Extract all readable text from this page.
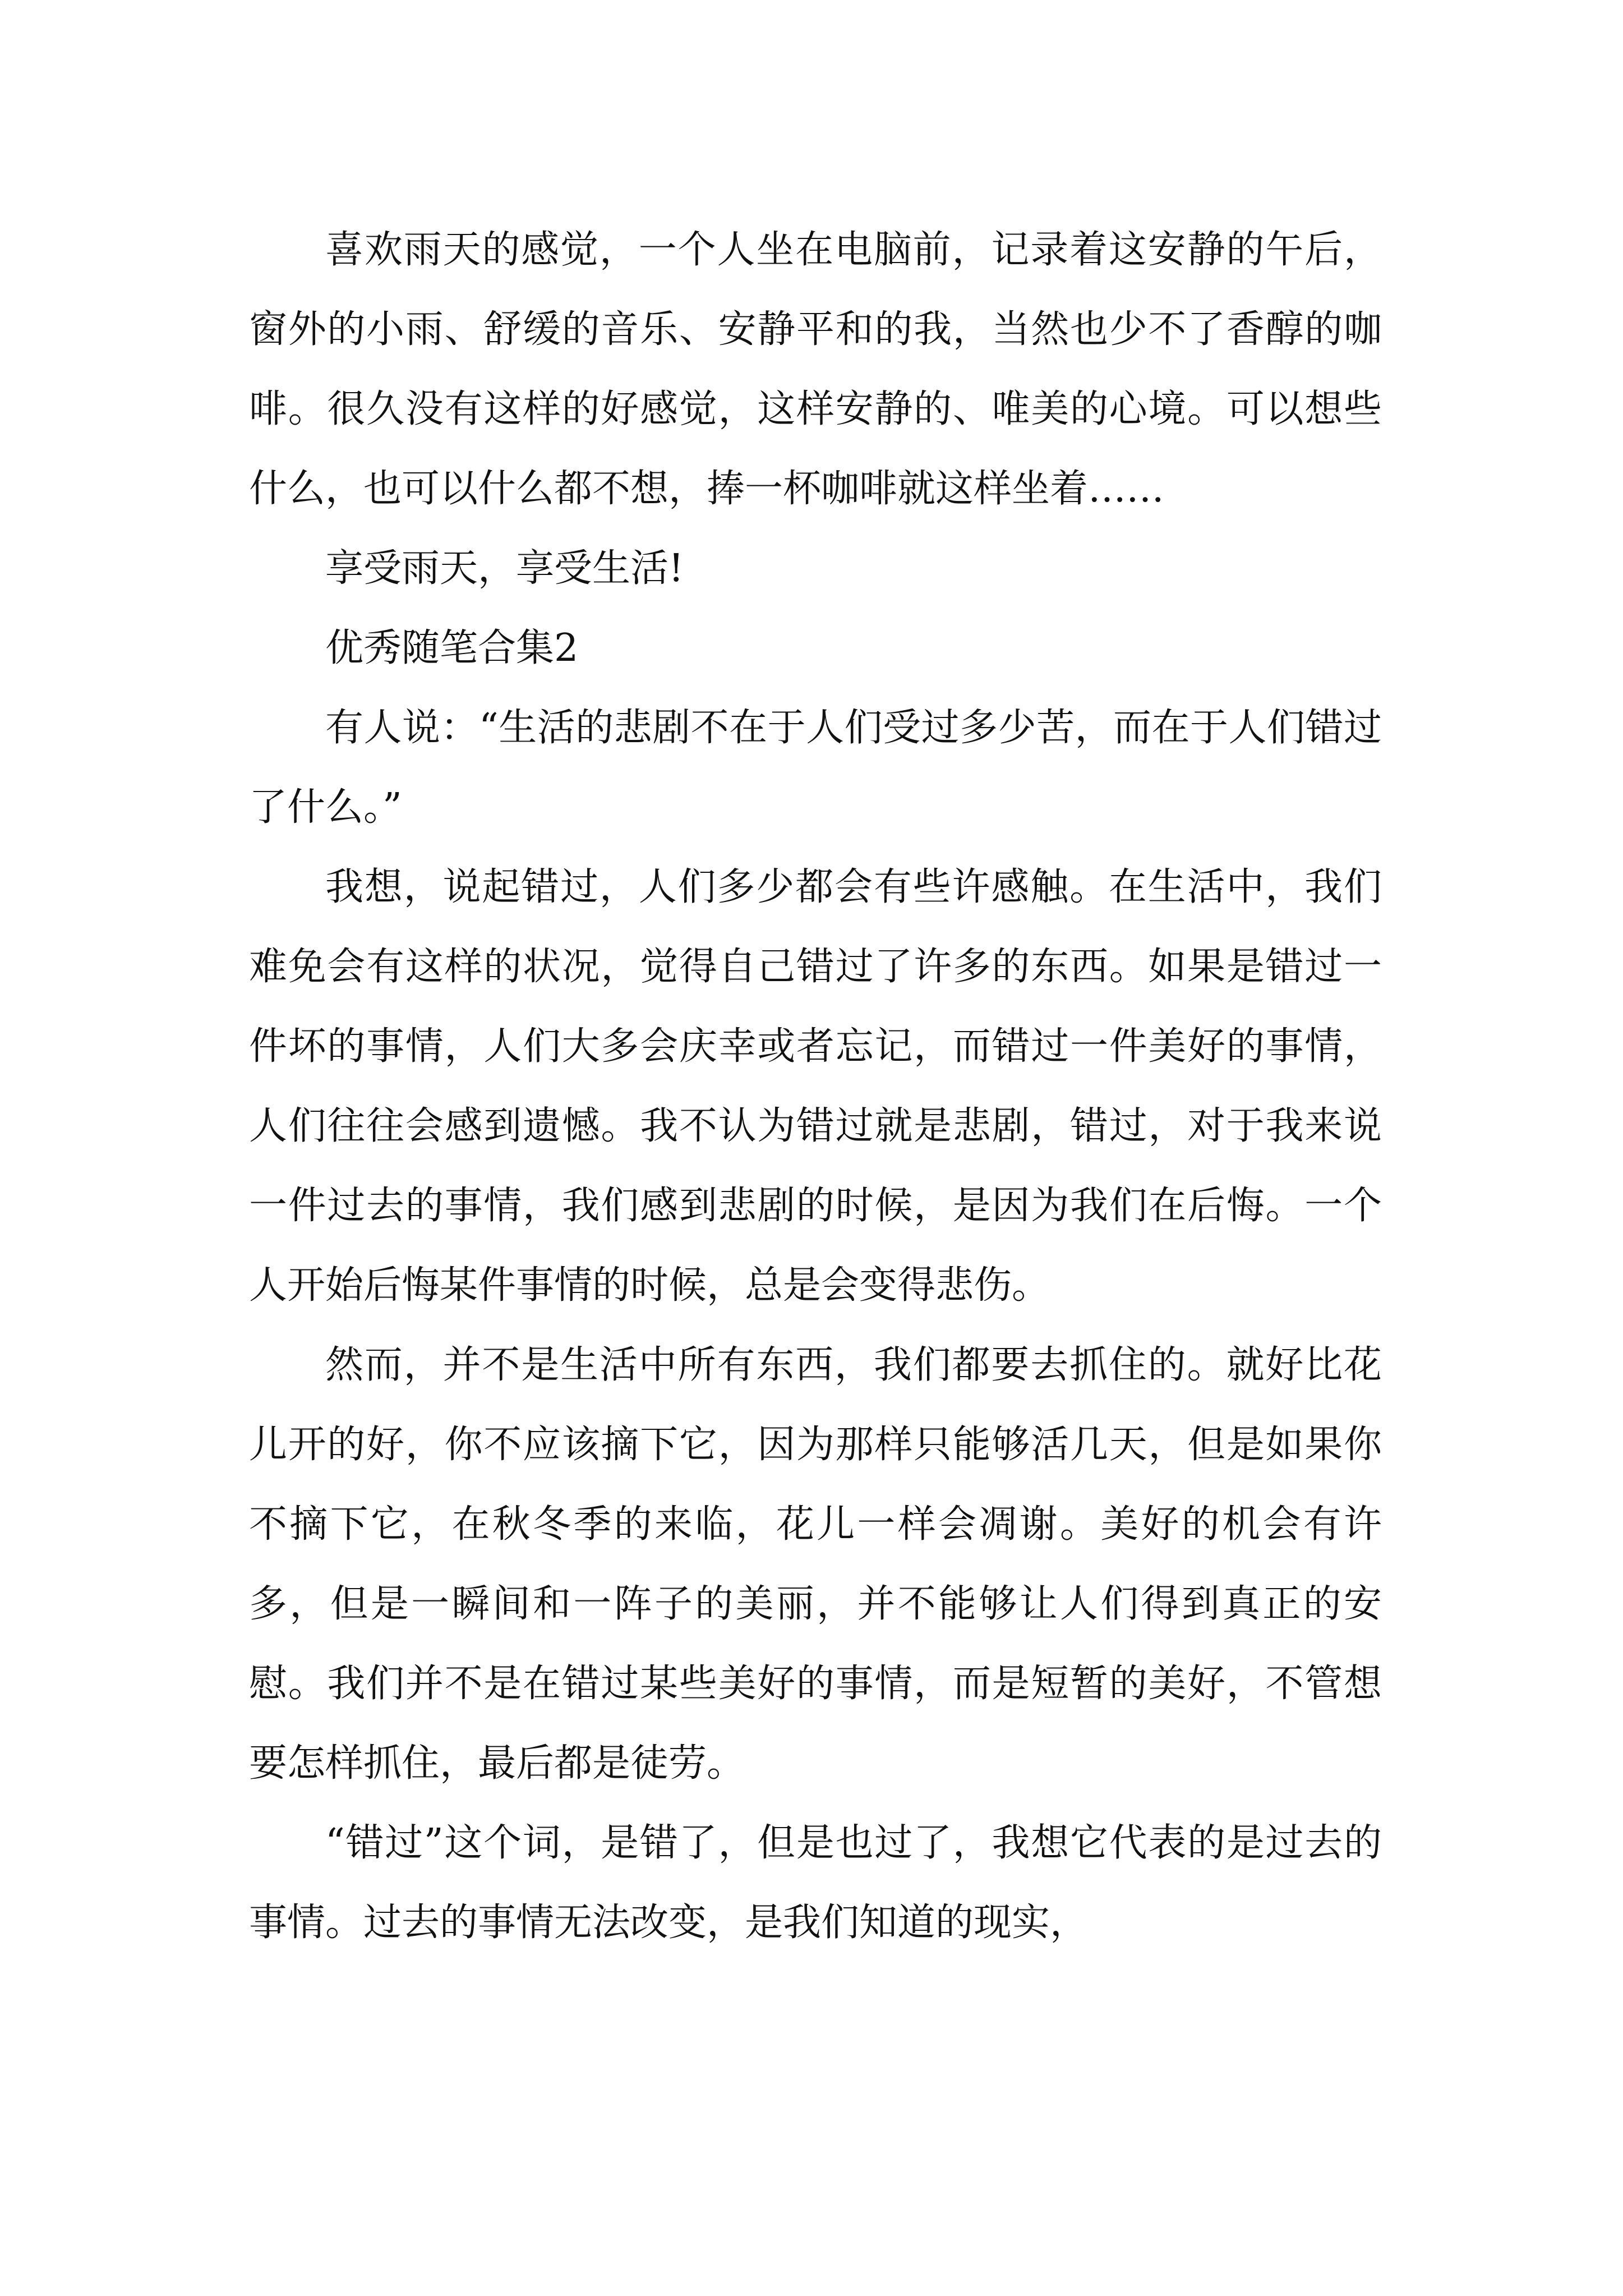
喜欢雨天的感觉，一个人坐在电脑前，记录着这安静的午后，窗外的小雨、舒缓的音乐、安静平和的我，当然也少不了香醇的咖啡。很久没有这样的好感觉，这样安静的、唯美的心境。可以想些什么，也可以什么都不想，捧一杯咖啡就这样坐着……

享受雨天，享受生活!

优秀随笔合集2

有人说：“生活的悲剧不在于人们受过多少苦，而在于人们错过了什么。”

我想，说起错过，人们多少都会有些许感触。在生活中，我们难免会有这样的状况，觉得自己错过了许多的东西。如果是错过一件坏的事情，人们大多会庆幸或者忘记，而错过一件美好的事情，人们往往会感到遗憾。我不认为错过就是悲剧，错过，对于我来说一件过去的事情，我们感到悲剧的时候，是因为我们在后悔。一个人开始后悔某件事情的时候，总是会变得悲伤。

然而，并不是生活中所有东西，我们都要去抓住的。就好比花儿开的好，你不应该摘下它，因为那样只能够活几天，但是如果你不摘下它，在秋冬季的来临，花儿一样会凋谢。美好的机会有许多，但是一瞬间和一阵子的美丽，并不能够让人们得到真正的安慰。我们并不是在错过某些美好的事情，而是短暂的美好，不管想要怎样抓住，最后都是徒劳。

“错过”这个词，是错了，但是也过了，我想它代表的是过去的事情。过去的事情无法改变，是我们知道的现实，
